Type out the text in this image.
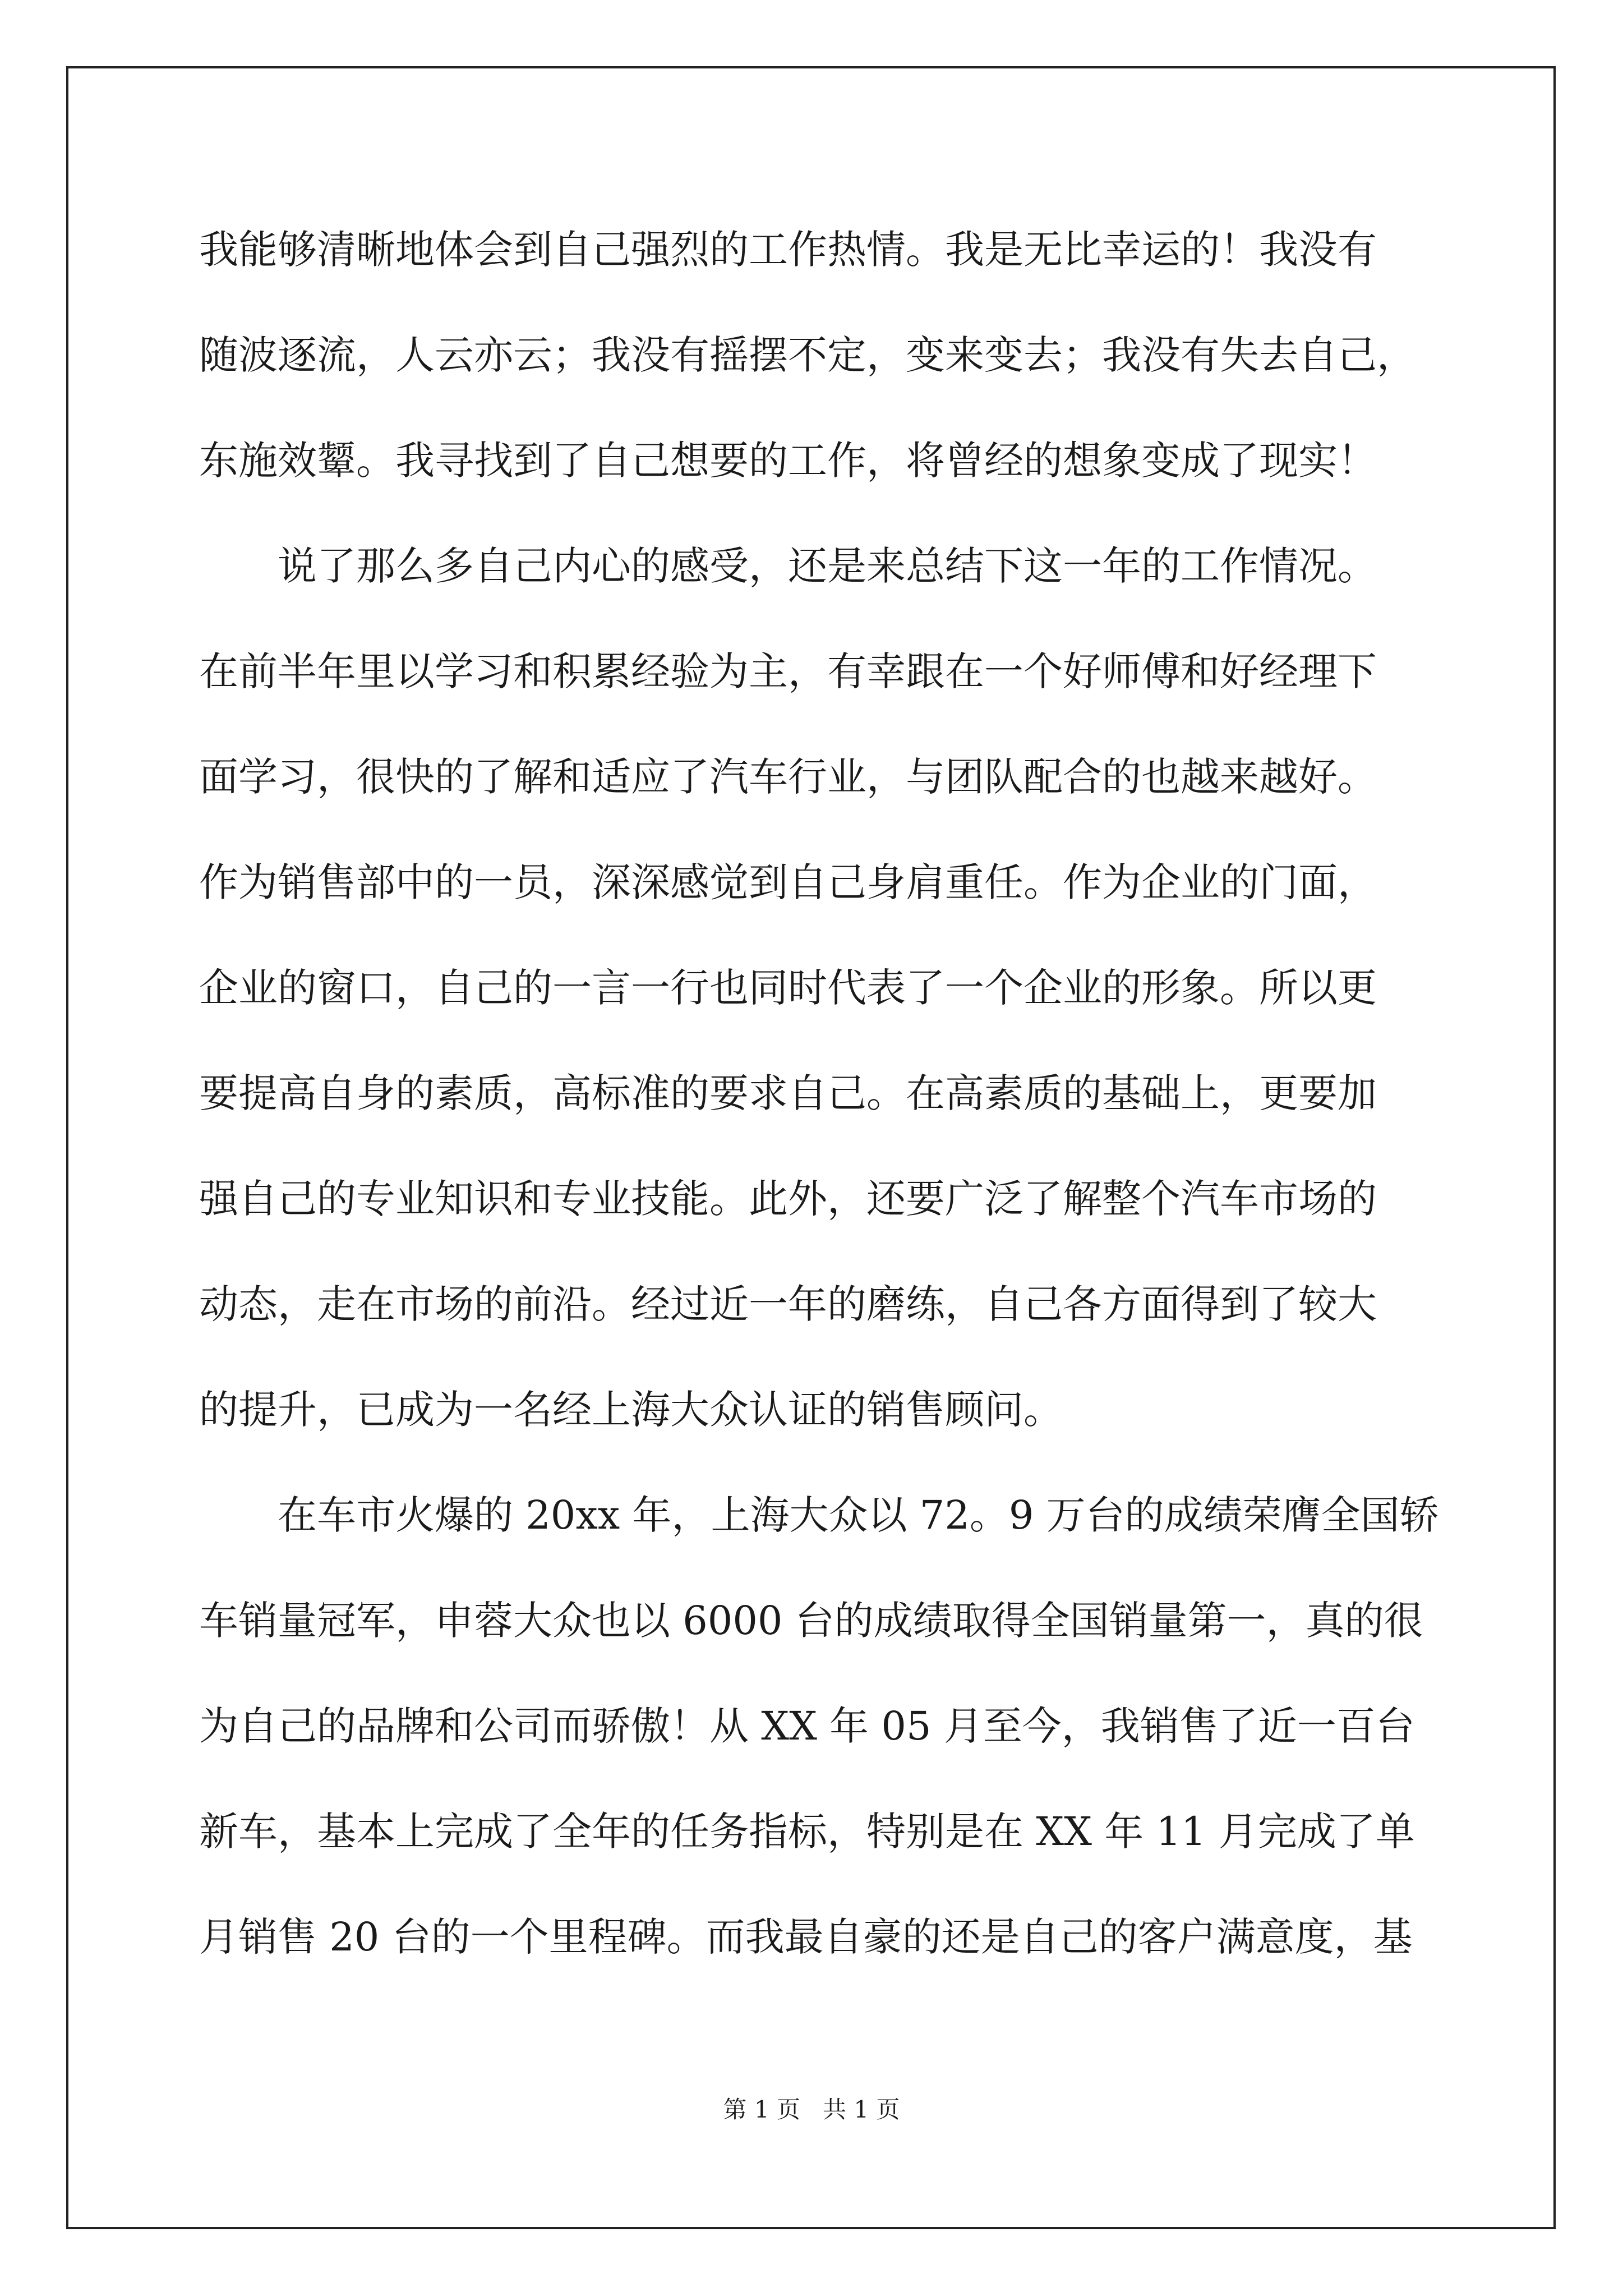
我能够清晰地体会到自己强烈的工作热情。我是无比幸运的！我没有
随波逐流，人云亦云；我没有摇摆不定，变来变去；我没有失去自己，
东施效颦。我寻找到了自己想要的工作，将曾经的想象变成了现实！
说了那么多自己内心的感受，还是来总结下这一年的工作情况。
在前半年里以学习和积累经验为主，有幸跟在一个好师傅和好经理下
面学习，很快的了解和适应了汽车行业，与团队配合的也越来越好。
作为销售部中的一员，深深感觉到自己身肩重任。作为企业的门面，
企业的窗口，自己的一言一行也同时代表了一个企业的形象。所以更
要提高自身的素质，高标准的要求自己。在高素质的基础上，更要加
强自己的专业知识和专业技能。此外，还要广泛了解整个汽车市场的
动态，走在市场的前沿。经过近一年的磨练，自己各方面得到了较大
的提升，已成为一名经上海大众认证的销售顾问。
在车市火爆的 20xx 年，上海大众以 72。9 万台的成绩荣膺全国轿
车销量冠军，申蓉大众也以 6000 台的成绩取得全国销量第一，真的很
为自己的品牌和公司而骄傲！从 XX 年 05 月至今，我销售了近一百台
新车，基本上完成了全年的任务指标，特别是在 XX 年 11 月完成了单
月销售 20 台的一个里程碑。而我最自豪的还是自己的客户满意度，基
第 1 页   共 1 页
